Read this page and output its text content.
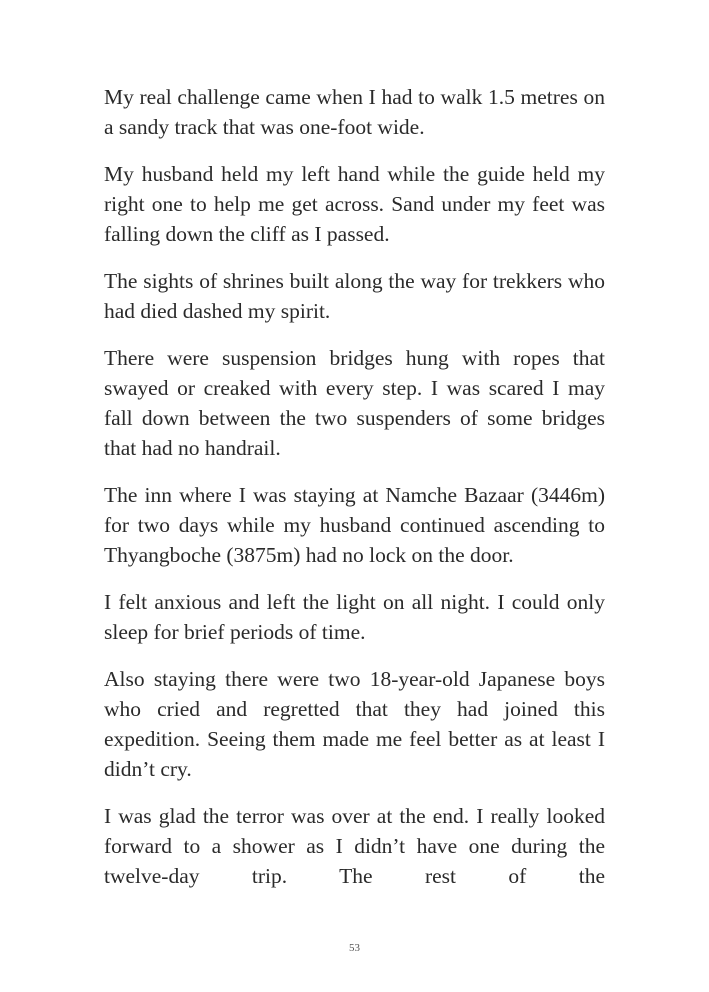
My real challenge came when I had to walk 1.5 metres on a sandy track that was one-foot wide.

My husband held my left hand while the guide held my right one to help me get across. Sand under my feet was falling down the cliff as I passed.

The sights of shrines built along the way for trekkers who had died dashed my spirit.

There were suspension bridges hung with ropes that swayed or creaked with every step. I was scared I may fall down between the two suspenders of some bridges that had no handrail.

The inn where I was staying at Namche Bazaar (3446m) for two days while my husband continued ascending to Thyangboche (3875m) had no lock on the door.

I felt anxious and left the light on all night. I could only sleep for brief periods of time.

Also staying there were two 18-year-old Japanese boys who cried and regretted that they had joined this expedition. Seeing them made me feel better as at least I didn’t cry.

I was glad the terror was over at the end. I really looked forward to a shower as I didn’t have one during the twelve-day trip. The rest of the

53
